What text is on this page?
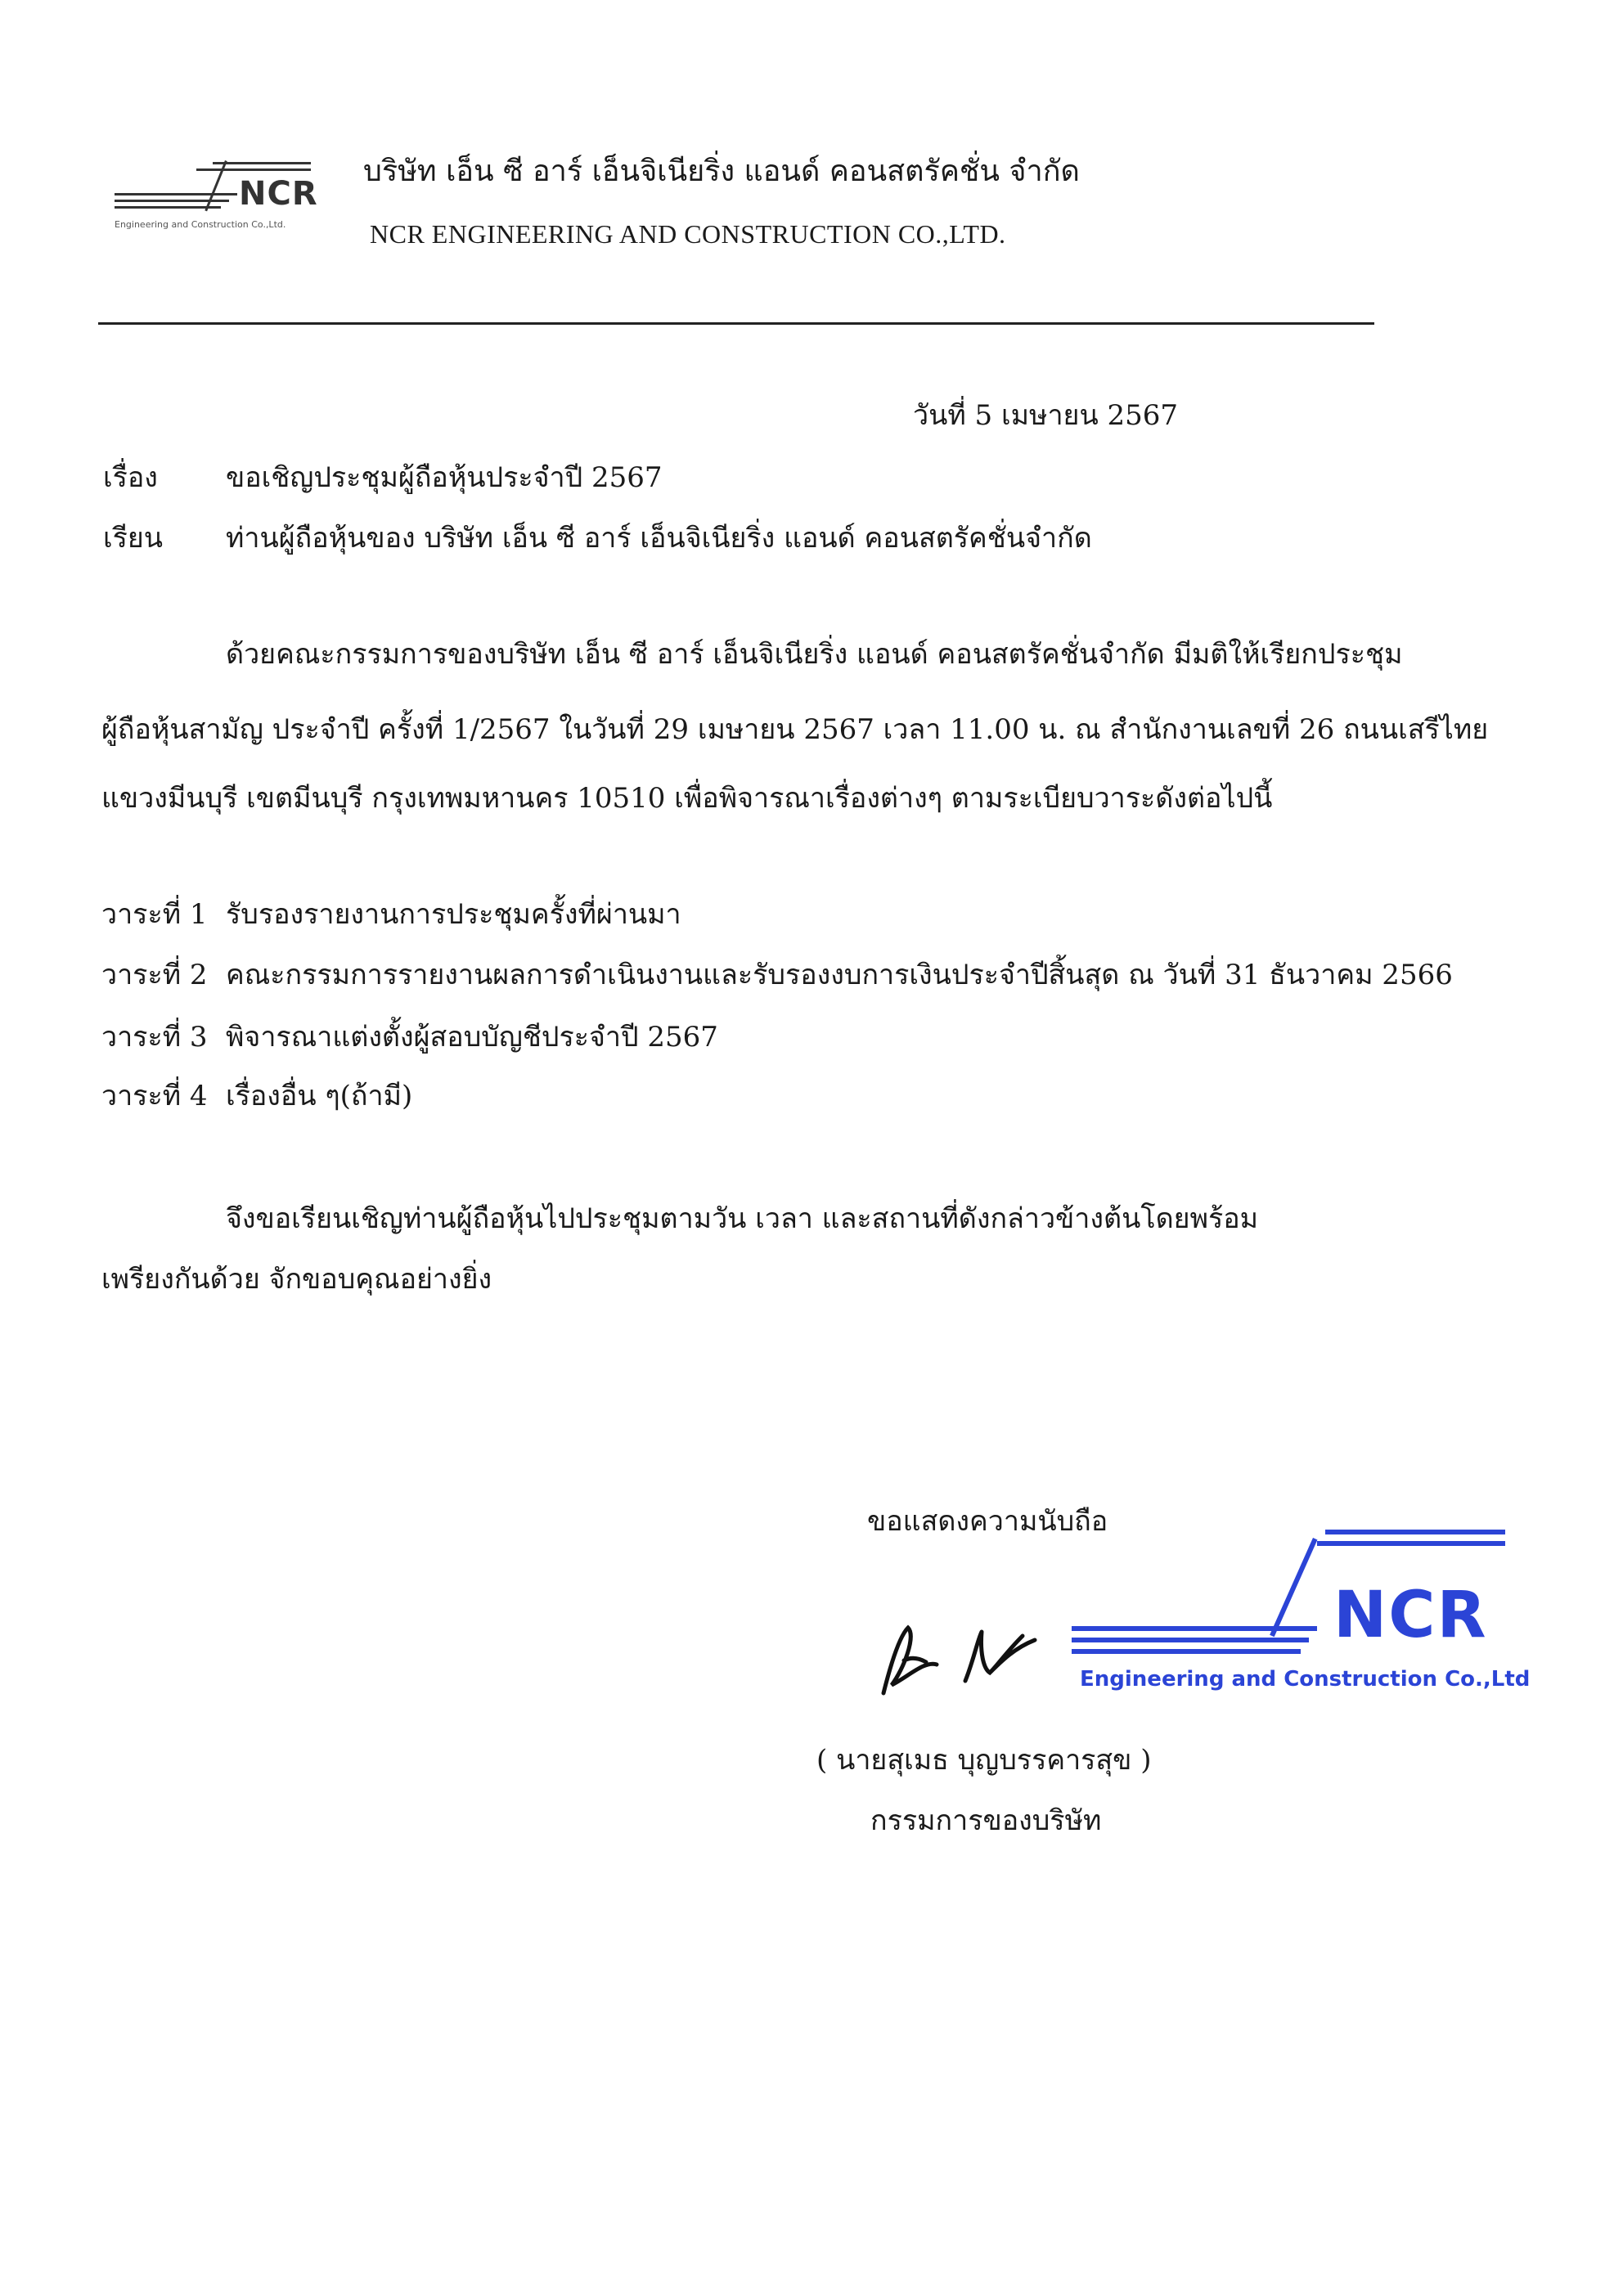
NCR
Engineering and Construction Co.,Ltd.
บริษัท เอ็น ซี อาร์ เอ็นจิเนียริ่ง แอนด์ คอนสตรัคชั่น จำกัด
NCR ENGINEERING AND CONSTRUCTION CO.,LTD.
วันที่ 5 เมษายน 2567
เรื่อง ขอเชิญประชุมผู้ถือหุ้นประจำปี 2567
เรียน ท่านผู้ถือหุ้นของ บริษัท เอ็น ซี อาร์ เอ็นจิเนียริ่ง แอนด์ คอนสตรัคชั่นจำกัด
ด้วยคณะกรรมการของบริษัท เอ็น ซี อาร์ เอ็นจิเนียริ่ง แอนด์ คอนสตรัคชั่นจำกัด มีมติให้เรียกประชุม
ผู้ถือหุ้นสามัญ ประจำปี ครั้งที่ 1/2567 ในวันที่ 29 เมษายน 2567 เวลา 11.00 น. ณ สำนักงานเลขที่ 26 ถนนเสรีไทย
แขวงมีนบุรี เขตมีนบุรี กรุงเทพมหานคร 10510 เพื่อพิจารณาเรื่องต่างๆ ตามระเบียบวาระดังต่อไปนี้
วาระที่ 1 รับรองรายงานการประชุมครั้งที่ผ่านมา
วาระที่ 2 คณะกรรมการรายงานผลการดำเนินงานและรับรองงบการเงินประจำปีสิ้นสุด ณ วันที่ 31 ธันวาคม 2566
วาระที่ 3 พิจารณาแต่งตั้งผู้สอบบัญชีประจำปี 2567
วาระที่ 4 เรื่องอื่น ๆ(ถ้ามี)
จึงขอเรียนเชิญท่านผู้ถือหุ้นไปประชุมตามวัน เวลา และสถานที่ดังกล่าวข้างต้นโดยพร้อม
เพรียงกันด้วย จักขอบคุณอย่างยิ่ง
ขอแสดงความนับถือ
NCR
Engineering and Construction Co.,Ltd
( นายสุเมธ บุญบรรคารสุข )
กรรมการของบริษัท
